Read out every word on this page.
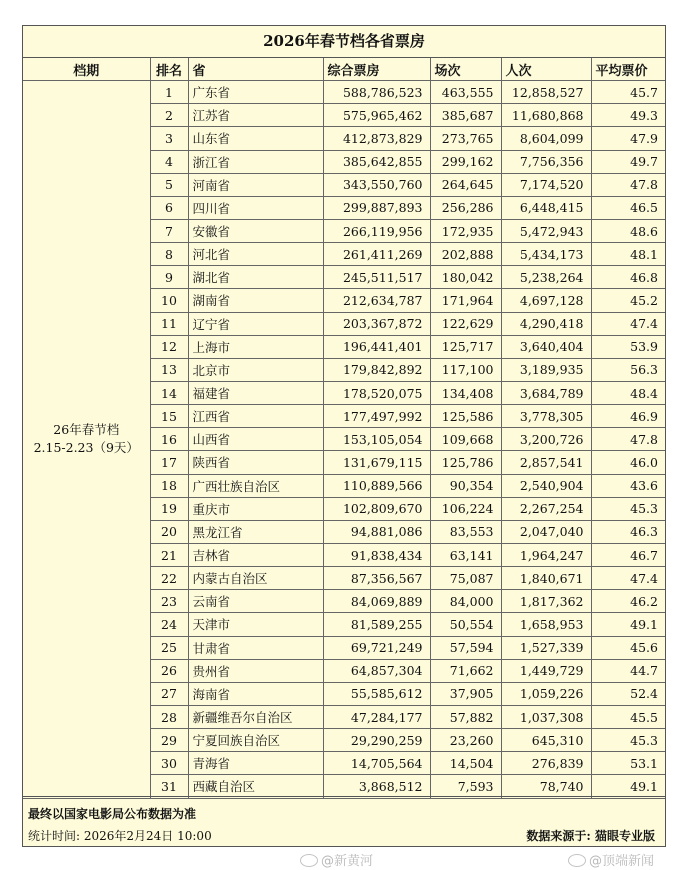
2026年春节档各省票房
档期	排名	省	综合票房	场次	人次	平均票价

26年春节档
2.15-2.23（9天）	1	广东省	588,786,523	463,555	12,858,527	45.7
	2	江苏省	575,965,462	385,687	11,680,868	49.3
	3	山东省	412,873,829	273,765	8,604,099	47.9
	4	浙江省	385,642,855	299,162	7,756,356	49.7
	5	河南省	343,550,760	264,645	7,174,520	47.8
	6	四川省	299,887,893	256,286	6,448,415	46.5
	7	安徽省	266,119,956	172,935	5,472,943	48.6
	8	河北省	261,411,269	202,888	5,434,173	48.1
	9	湖北省	245,511,517	180,042	5,238,264	46.8
	10	湖南省	212,634,787	171,964	4,697,128	45.2
	11	辽宁省	203,367,872	122,629	4,290,418	47.4
	12	上海市	196,441,401	125,717	3,640,404	53.9
	13	北京市	179,842,892	117,100	3,189,935	56.3
	14	福建省	178,520,075	134,408	3,684,789	48.4
	15	江西省	177,497,992	125,586	3,778,305	46.9
	16	山西省	153,105,054	109,668	3,200,726	47.8
	17	陕西省	131,679,115	125,786	2,857,541	46.0
	18	广西壮族自治区	110,889,566	90,354	2,540,904	43.6
	19	重庆市	102,809,670	106,224	2,267,254	45.3
	20	黑龙江省	94,881,086	83,553	2,047,040	46.3
	21	吉林省	91,838,434	63,141	1,964,247	46.7
	22	内蒙古自治区	87,356,567	75,087	1,840,671	47.4
	23	云南省	84,069,889	84,000	1,817,362	46.2
	24	天津市	81,589,255	50,554	1,658,953	49.1
	25	甘肃省	69,721,249	57,594	1,527,339	45.6
	26	贵州省	64,857,304	71,662	1,449,729	44.7
	27	海南省	55,585,612	37,905	1,059,226	52.4
	28	新疆维吾尔自治区	47,284,177	57,882	1,037,308	45.5
	29	宁夏回族自治区	29,290,259	23,260	645,310	45.3
	30	青海省	14,705,564	14,504	276,839	53.1
	31	西藏自治区	3,868,512	7,593	78,740	49.1
最终以国家电影局公布数据为准
统计时间: 2026年2月24日 10:00	数据来源于: 猫眼专业版
@新黄河	@顶端新闻
